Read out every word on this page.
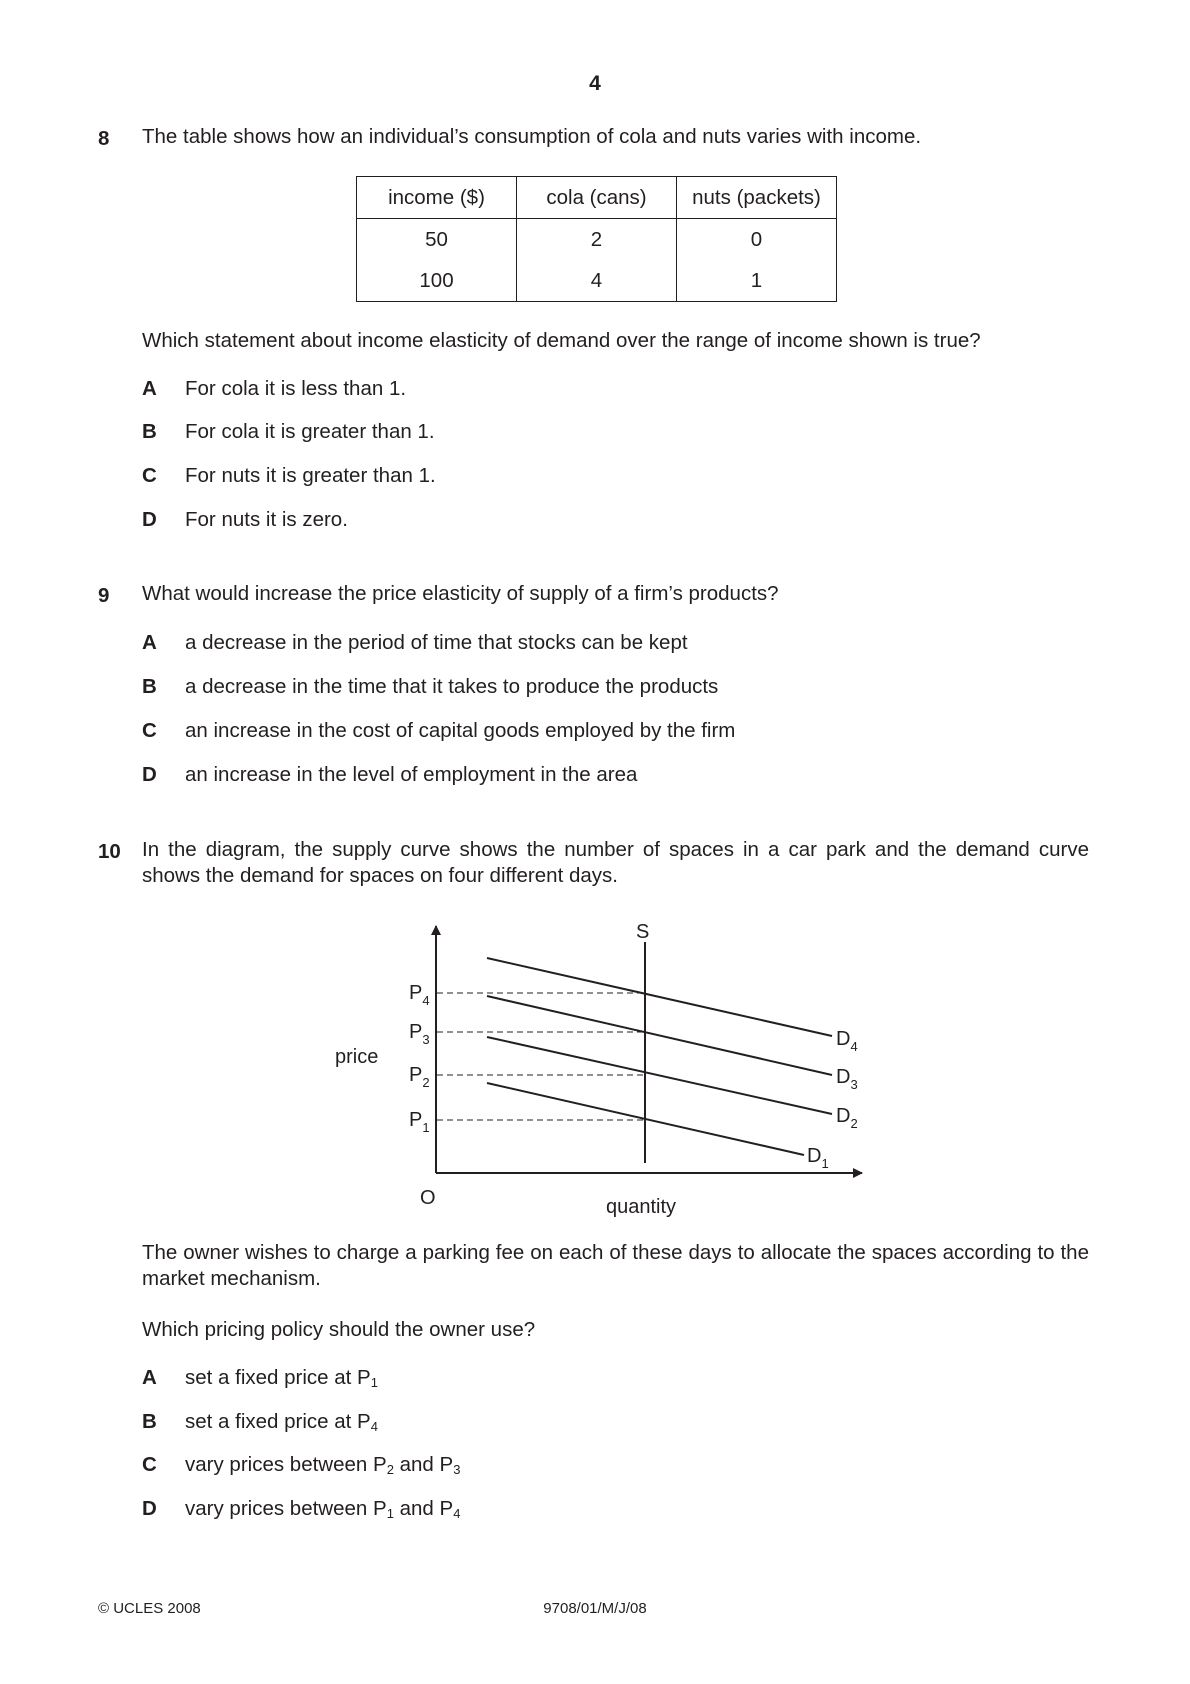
4
8 The table shows how an individual’s consumption of cola and nuts varies with income.
income ($)	cola (cans)	nuts (packets)
50	2	0
100	4	1
Which statement about income elasticity of demand over the range of income shown is true?
A For cola it is less than 1.
B For cola it is greater than 1.
C For nuts it is greater than 1.
D For nuts it is zero.
9 What would increase the price elasticity of supply of a firm’s products?
A a decrease in the period of time that stocks can be kept
B a decrease in the time that it takes to produce the products
C an increase in the cost of capital goods employed by the firm
D an increase in the level of employment in the area
10 In the diagram, the supply curve shows the number of spaces in a car park and the demand curve shows the demand for spaces on four different days.
S
price
quantity
O
$P_4$
$P_3$
$P_2$
$P_1$
$D_4$
$D_3$
$D_2$
$D_1$
The owner wishes to charge a parking fee on each of these days to allocate the spaces according to the market mechanism.
Which pricing policy should the owner use?
A set a fixed price at $P_1$
B set a fixed price at $P_4$
C vary prices between $P_2$ and $P_3$
D vary prices between $P_1$ and $P_4$
© UCLES 2008	9708/01/M/J/08
